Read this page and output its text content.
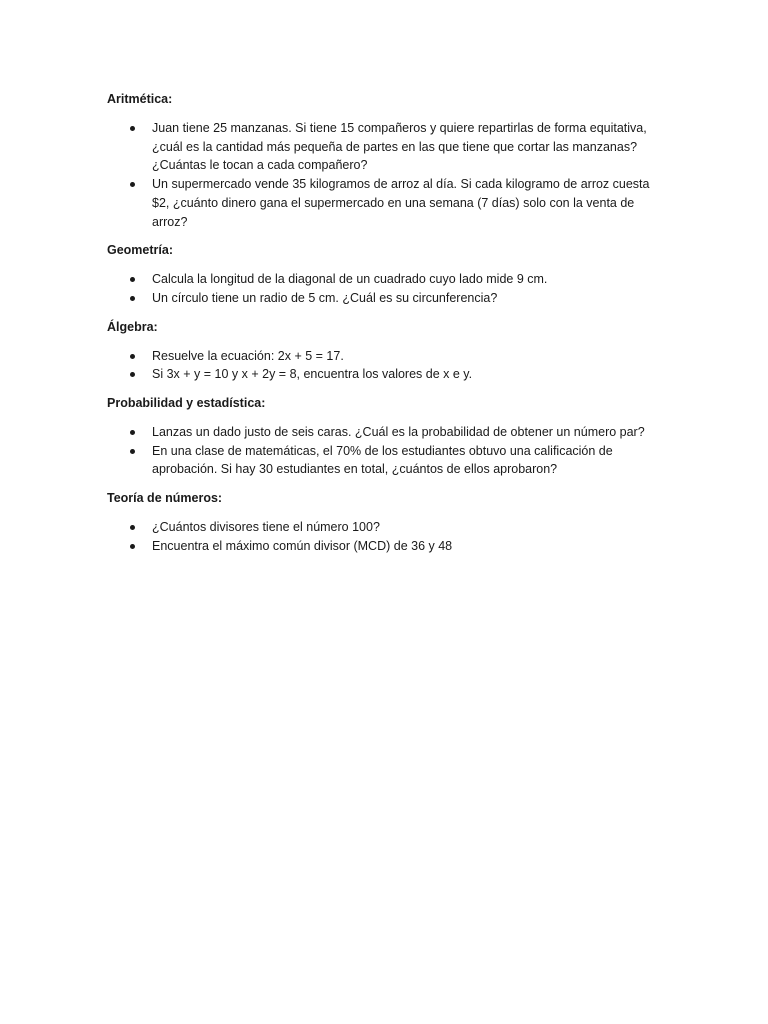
Aritmética:

Juan tiene 25 manzanas. Si tiene 15 compañeros y quiere repartirlas de forma equitativa, ¿cuál es la cantidad más pequeña de partes en las que tiene que cortar las manzanas? ¿Cuántas le tocan a cada compañero?
Un supermercado vende 35 kilogramos de arroz al día. Si cada kilogramo de arroz cuesta $2, ¿cuánto dinero gana el supermercado en una semana (7 días) solo con la venta de arroz?

Geometría:

Calcula la longitud de la diagonal de un cuadrado cuyo lado mide 9 cm.
Un círculo tiene un radio de 5 cm. ¿Cuál es su circunferencia?

Álgebra:

Resuelve la ecuación: 2x + 5 = 17.
Si 3x + y = 10 y x + 2y = 8, encuentra los valores de x e y.

Probabilidad y estadística:

Lanzas un dado justo de seis caras. ¿Cuál es la probabilidad de obtener un número par?
En una clase de matemáticas, el 70% de los estudiantes obtuvo una calificación de aprobación. Si hay 30 estudiantes en total, ¿cuántos de ellos aprobaron?

Teoría de números:

¿Cuántos divisores tiene el número 100?
Encuentra el máximo común divisor (MCD) de 36 y 48
